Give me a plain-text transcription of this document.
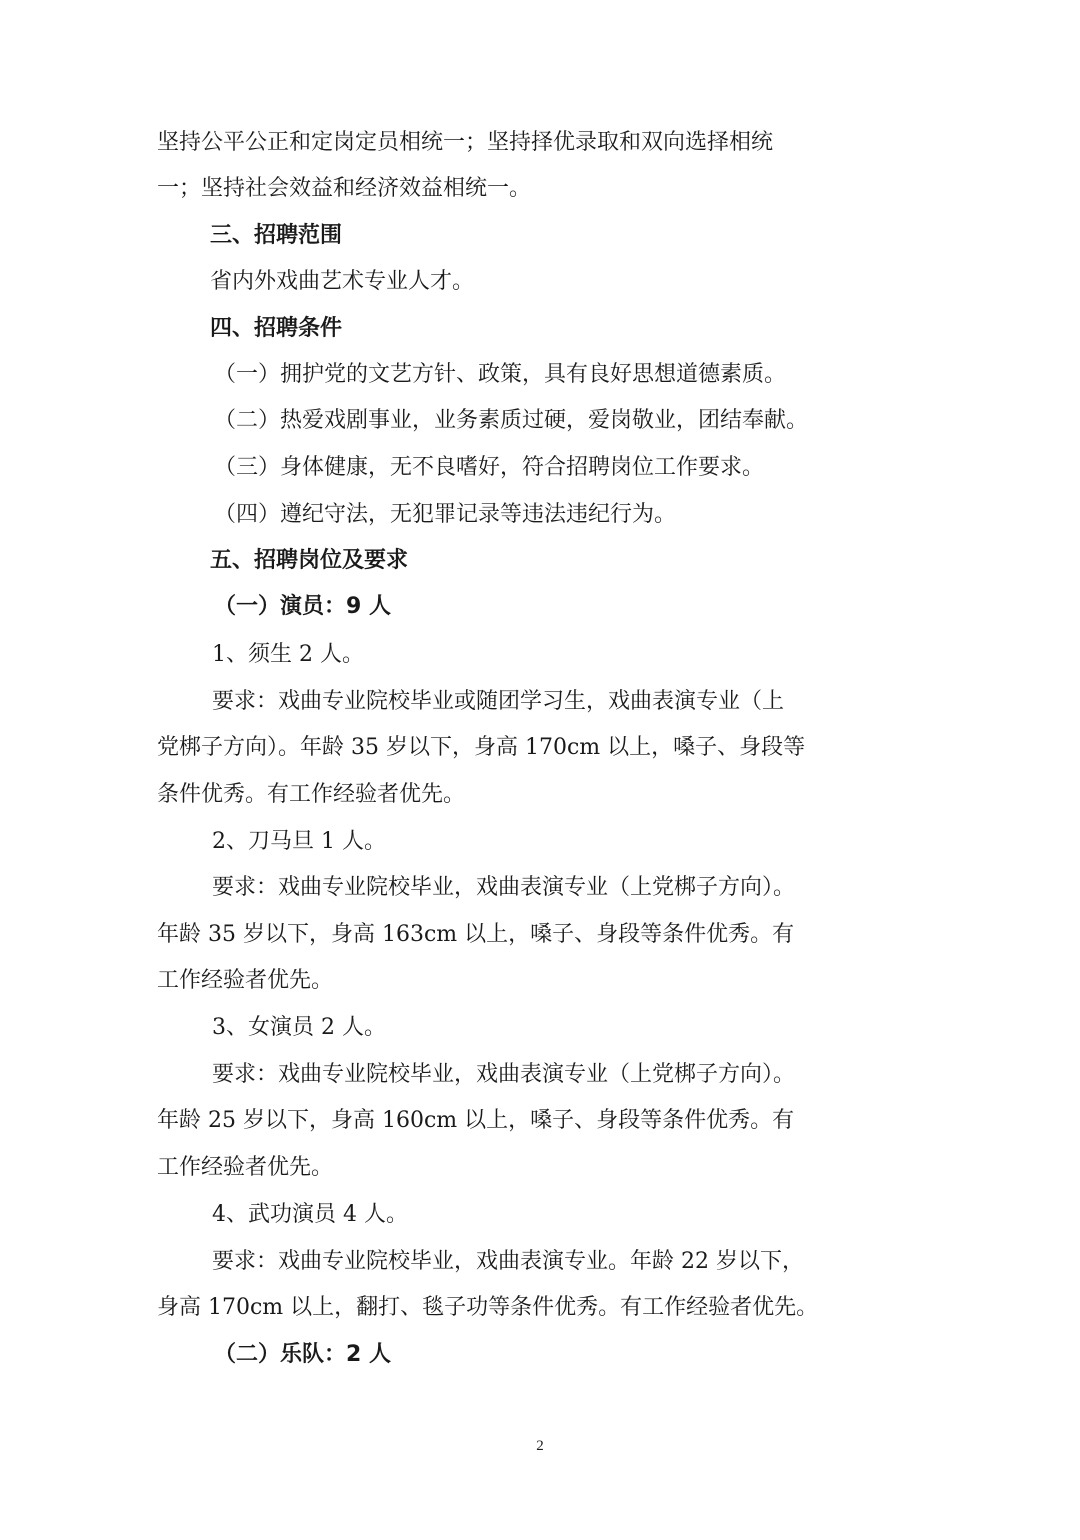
坚持公平公正和定岗定员相统一；坚持择优录取和双向选择相统
一；坚持社会效益和经济效益相统一。
三、招聘范围
省内外戏曲艺术专业人才。
四、招聘条件
（一）拥护党的文艺方针、政策，具有良好思想道德素质。
（二）热爱戏剧事业，业务素质过硬，爱岗敬业，团结奉献。
（三）身体健康，无不良嗜好，符合招聘岗位工作要求。
（四）遵纪守法，无犯罪记录等违法违纪行为。
五、招聘岗位及要求
（一）演员：9 人
1、须生 2 人。
要求：戏曲专业院校毕业或随团学习生，戏曲表演专业（上
党梆子方向）。年龄 35 岁以下，身高 170cm 以上，嗓子、身段等
条件优秀。有工作经验者优先。
2、刀马旦 1 人。
要求：戏曲专业院校毕业，戏曲表演专业（上党梆子方向）。
年龄 35 岁以下，身高 163cm 以上，嗓子、身段等条件优秀。有
工作经验者优先。
3、女演员 2 人。
要求：戏曲专业院校毕业，戏曲表演专业（上党梆子方向）。
年龄 25 岁以下，身高 160cm 以上，嗓子、身段等条件优秀。有
工作经验者优先。
4、武功演员 4 人。
要求：戏曲专业院校毕业，戏曲表演专业。年龄 22 岁以下，
身高 170cm 以上，翻打、毯子功等条件优秀。有工作经验者优先。
（二）乐队：2 人
2
